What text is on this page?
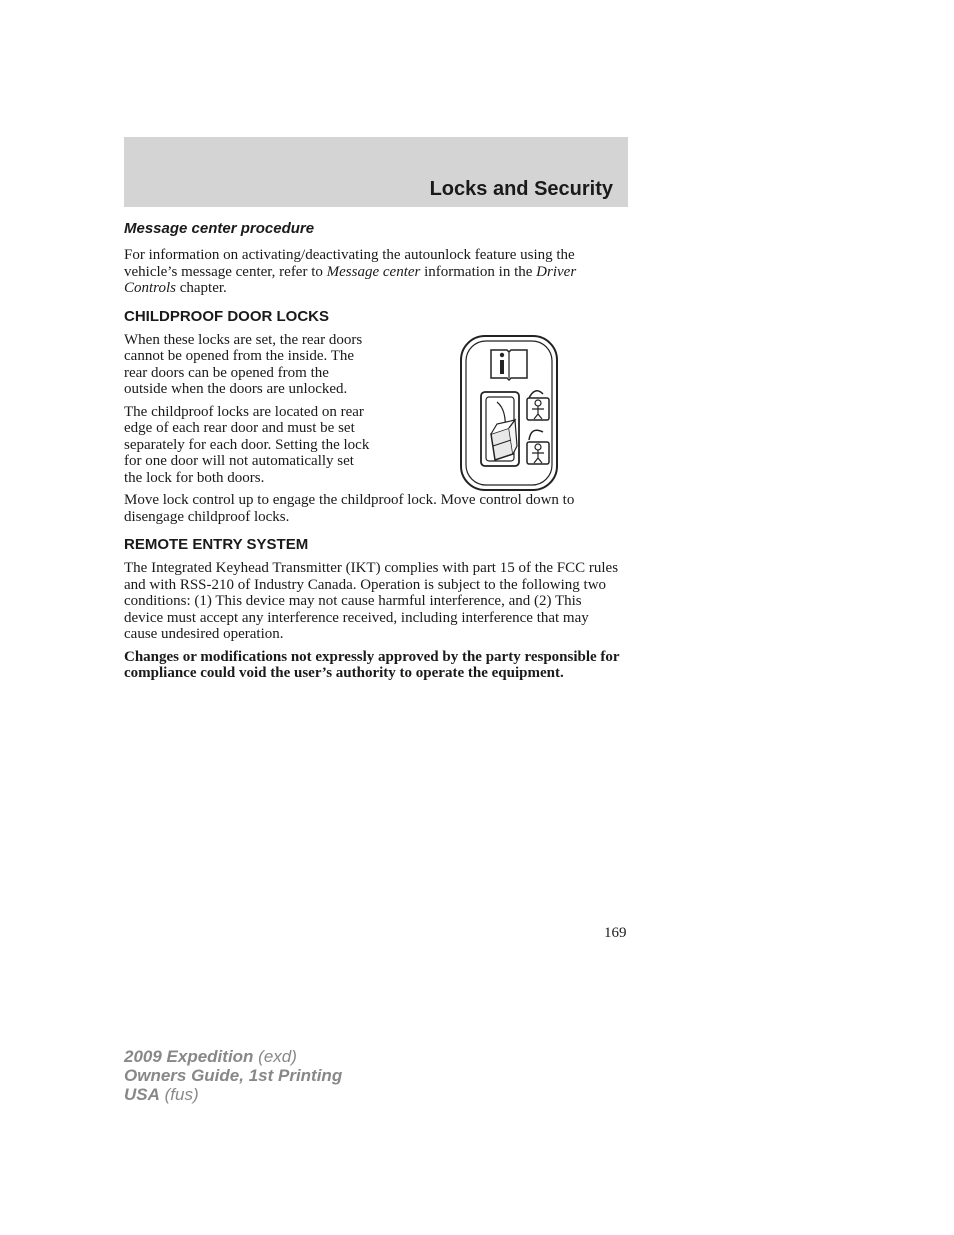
Locks and Security
Message center procedure

For information on activating/deactivating the autounlock feature using the vehicle’s message center, refer to Message center information in the Driver Controls chapter.

CHILDPROOF DOOR LOCKS

When these locks are set, the rear doors cannot be opened from the inside. The rear doors can be opened from the outside when the doors are unlocked.

The childproof locks are located on rear edge of each rear door and must be set separately for each door. Setting the lock for one door will not automatically set the lock for both doors.

Move lock control up to engage the childproof lock. Move control down to disengage childproof locks.

REMOTE ENTRY SYSTEM

The Integrated Keyhead Transmitter (IKT) complies with part 15 of the FCC rules and with RSS-210 of Industry Canada. Operation is subject to the following two conditions: (1) This device may not cause harmful interference, and (2) This device must accept any interference received, including interference that may cause undesired operation.

Changes or modifications not expressly approved by the party responsible for compliance could void the user’s authority to operate the equipment.

169
2009 Expedition (exd)
Owners Guide, 1st Printing
USA (fus)
